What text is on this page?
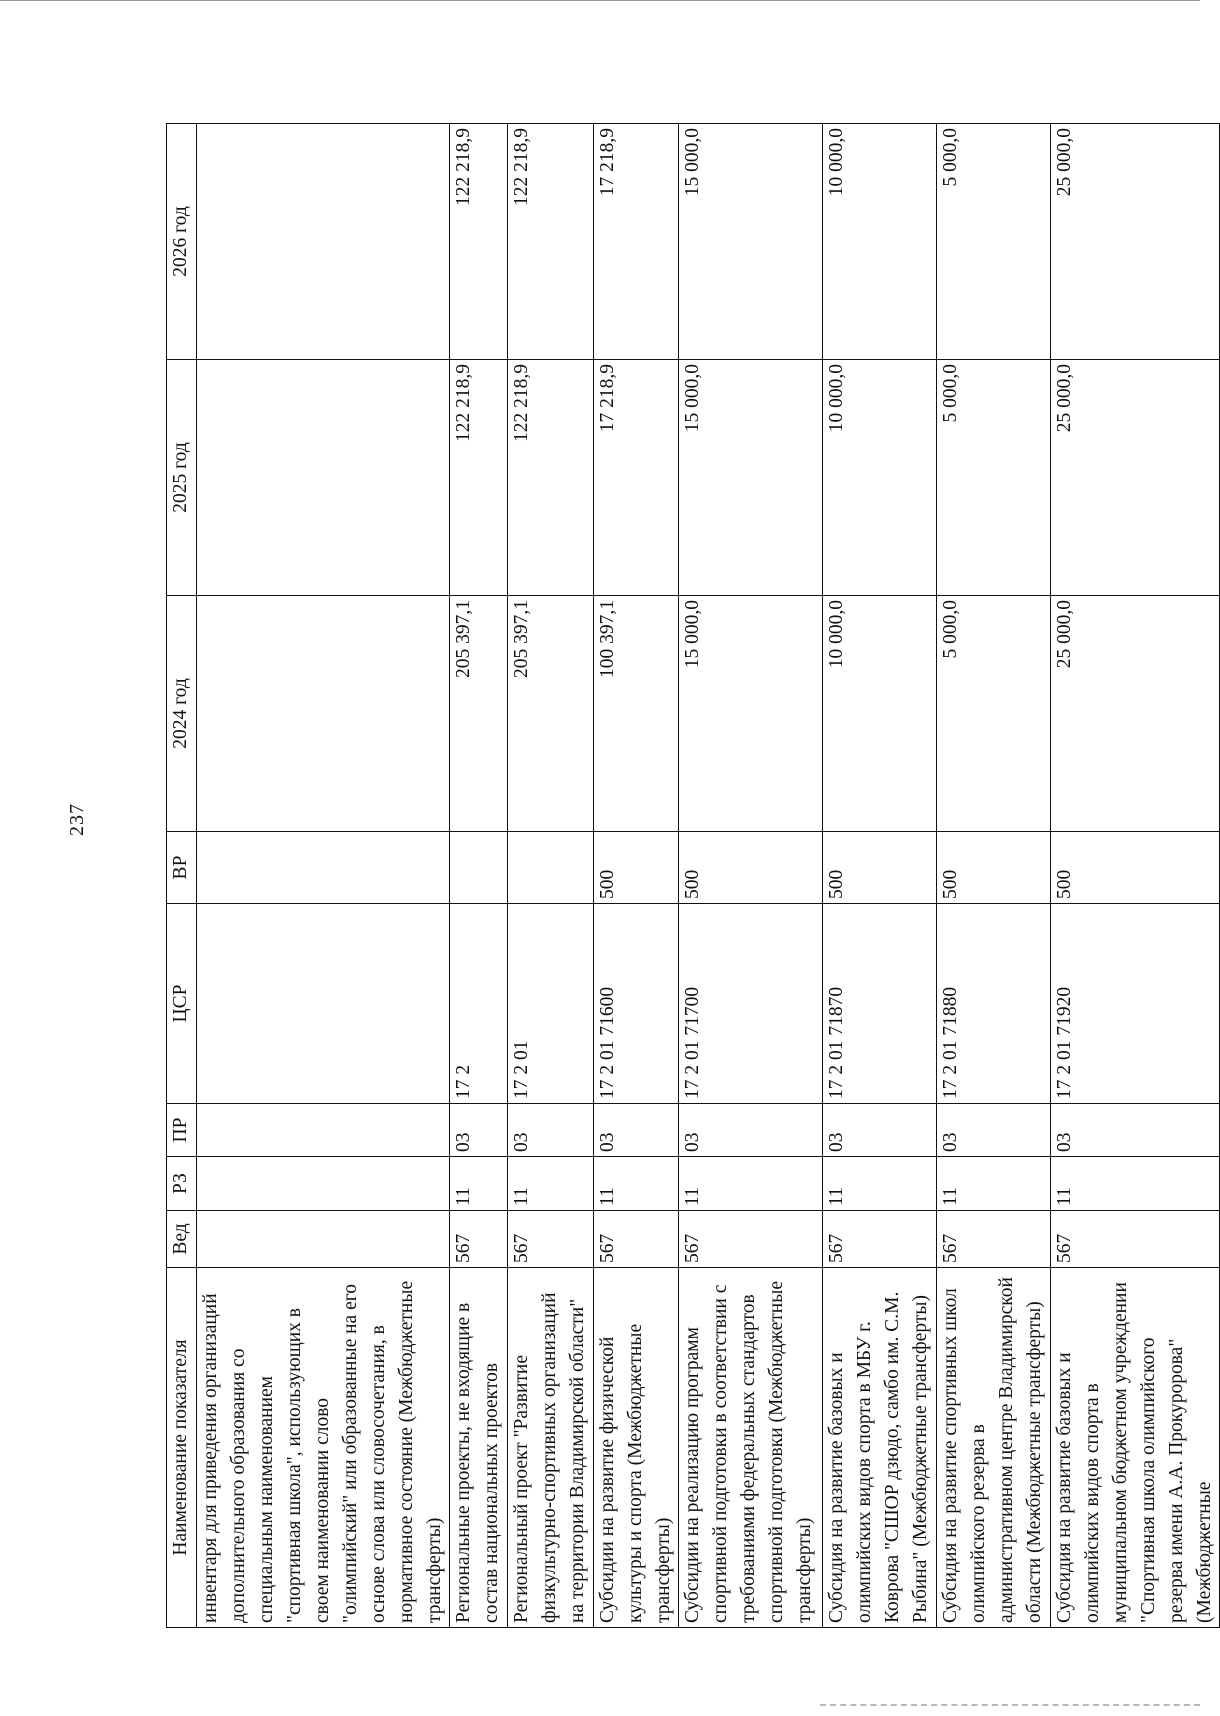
237
Наименование показателя	Вед	РЗ	ПР	ЦСР	ВР	2024 год	2025 год	2026 год
инвентаря для приведения организаций дополнительного образования со специальным наименованием "спортивная школа", использующих в своем наименовании слово "олимпийский" или образованные на его основе слова или словосочетания, в нормативное состояние (Межбюджетные трансферты)								
Региональные проекты, не входящие в состав национальных проектов	567	11	03	17 2		205 397,1	122 218,9	122 218,9
Региональный проект "Развитие физкультурно-спортивных организаций на территории Владимирской области"	567	11	03	17 2 01		205 397,1	122 218,9	122 218,9
Субсидии на развитие физической культуры и спорта (Межбюджетные трансферты)	567	11	03	17 2 01 71600	500	100 397,1	17 218,9	17 218,9
Субсидии на реализацию программ спортивной подготовки в соответствии с требованиями федеральных стандартов спортивной подготовки (Межбюджетные трансферты)	567	11	03	17 2 01 71700	500	15 000,0	15 000,0	15 000,0
Субсидия на развитие базовых и олимпийских видов спорта в МБУ г. Коврова "СШОР дзюдо, самбо им. С.М. Рыбина" (Межбюджетные трансферты)	567	11	03	17 2 01 71870	500	10 000,0	10 000,0	10 000,0
Субсидия на развитие спортивных школ олимпийского резерва в административном центре Владимирской области (Межбюджетные трансферты)	567	11	03	17 2 01 71880	500	5 000,0	5 000,0	5 000,0
Субсидия на развитие базовых и олимпийских видов спорта в муниципальном бюджетном учреждении "Спортивная школа олимпийского резерва имени А.А. Прокуророва" (Межбюджетные	567	11	03	17 2 01 71920	500	25 000,0	25 000,0	25 000,0
